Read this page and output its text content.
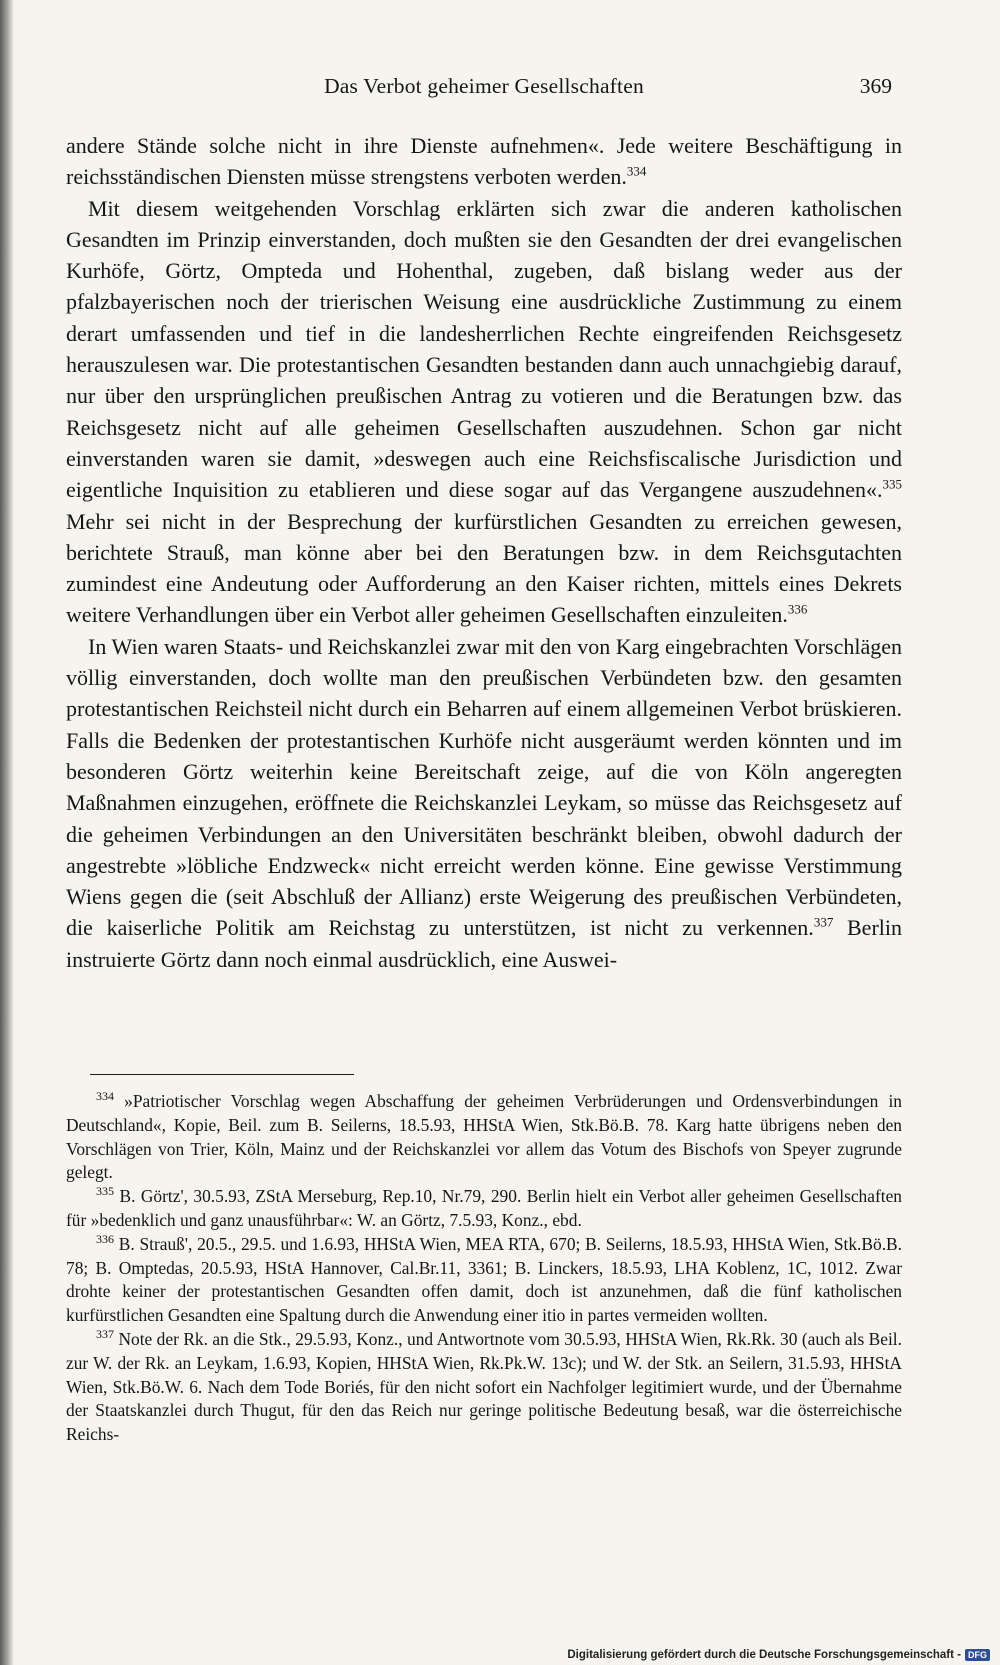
Das Verbot geheimer Gesellschaften	369

andere Stände solche nicht in ihre Dienste aufnehmen«. Jede weitere Beschäftigung in reichsständischen Diensten müsse strengstens verboten werden.$^{334}$

Mit diesem weitgehenden Vorschlag erklärten sich zwar die anderen katholischen Gesandten im Prinzip einverstanden, doch mußten sie den Gesandten der drei evangelischen Kurhöfe, Görtz, Ompteda und Hohenthal, zugeben, daß bislang weder aus der pfalzbayerischen noch der trierischen Weisung eine ausdrückliche Zustimmung zu einem derart umfassenden und tief in die landesherrlichen Rechte eingreifenden Reichsgesetz herauszulesen war. Die protestantischen Gesandten bestanden dann auch unnachgiebig darauf, nur über den ursprünglichen preußischen Antrag zu votieren und die Beratungen bzw. das Reichsgesetz nicht auf alle geheimen Gesellschaften auszudehnen. Schon gar nicht einverstanden waren sie damit, »deswegen auch eine Reichsfiscalische Jurisdiction und eigentliche Inquisition zu etablieren und diese sogar auf das Vergangene auszudehnen«.$^{335}$ Mehr sei nicht in der Besprechung der kurfürstlichen Gesandten zu erreichen gewesen, berichtete Strauß, man könne aber bei den Beratungen bzw. in dem Reichsgutachten zumindest eine Andeutung oder Aufforderung an den Kaiser richten, mittels eines Dekrets weitere Verhandlungen über ein Verbot aller geheimen Gesellschaften einzuleiten.$^{336}$

In Wien waren Staats- und Reichskanzlei zwar mit den von Karg eingebrachten Vorschlägen völlig einverstanden, doch wollte man den preußischen Verbündeten bzw. den gesamten protestantischen Reichsteil nicht durch ein Beharren auf einem allgemeinen Verbot brüskieren. Falls die Bedenken der protestantischen Kurhöfe nicht ausgeräumt werden könnten und im besonderen Görtz weiterhin keine Bereitschaft zeige, auf die von Köln angeregten Maßnahmen einzugehen, eröffnete die Reichskanzlei Leykam, so müsse das Reichsgesetz auf die geheimen Verbindungen an den Universitäten beschränkt bleiben, obwohl dadurch der angestrebte »löbliche Endzweck« nicht erreicht werden könne. Eine gewisse Verstimmung Wiens gegen die (seit Abschluß der Allianz) erste Weigerung des preußischen Verbündeten, die kaiserliche Politik am Reichstag zu unterstützen, ist nicht zu verkennen.$^{337}$ Berlin instruierte Görtz dann noch einmal ausdrücklich, eine Auswei-

$^{334}$ »Patriotischer Vorschlag wegen Abschaffung der geheimen Verbrüderungen und Ordensverbindungen in Deutschland«, Kopie, Beil. zum B. Seilerns, 18.5.93, HHStA Wien, Stk.Bö.B. 78. Karg hatte übrigens neben den Vorschlägen von Trier, Köln, Mainz und der Reichskanzlei vor allem das Votum des Bischofs von Speyer zugrunde gelegt.

$^{335}$ B. Görtz', 30.5.93, ZStA Merseburg, Rep.10, Nr.79, 290. Berlin hielt ein Verbot aller geheimen Gesellschaften für »bedenklich und ganz unausführbar«: W. an Görtz, 7.5.93, Konz., ebd.

$^{336}$ B. Strauß', 20.5., 29.5. und 1.6.93, HHStA Wien, MEA RTA, 670; B. Seilerns, 18.5.93, HHStA Wien, Stk.Bö.B. 78; B. Omptedas, 20.5.93, HStA Hannover, Cal.Br.11, 3361; B. Linckers, 18.5.93, LHA Koblenz, 1C, 1012. Zwar drohte keiner der protestantischen Gesandten offen damit, doch ist anzunehmen, daß die fünf katholischen kurfürstlichen Gesandten eine Spaltung durch die Anwendung einer itio in partes vermeiden wollten.

$^{337}$ Note der Rk. an die Stk., 29.5.93, Konz., und Antwortnote vom 30.5.93, HHStA Wien, Rk.Rk. 30 (auch als Beil. zur W. der Rk. an Leykam, 1.6.93, Kopien, HHStA Wien, Rk.Pk.W. 13c); und W. der Stk. an Seilern, 31.5.93, HHStA Wien, Stk.Bö.W. 6. Nach dem Tode Boriés, für den nicht sofort ein Nachfolger legitimiert wurde, und der Übernahme der Staatskanzlei durch Thugut, für den das Reich nur geringe politische Bedeutung besaß, war die österreichische Reichs-

Digitalisierung gefördert durch die Deutsche Forschungsgemeinschaft - DFG
